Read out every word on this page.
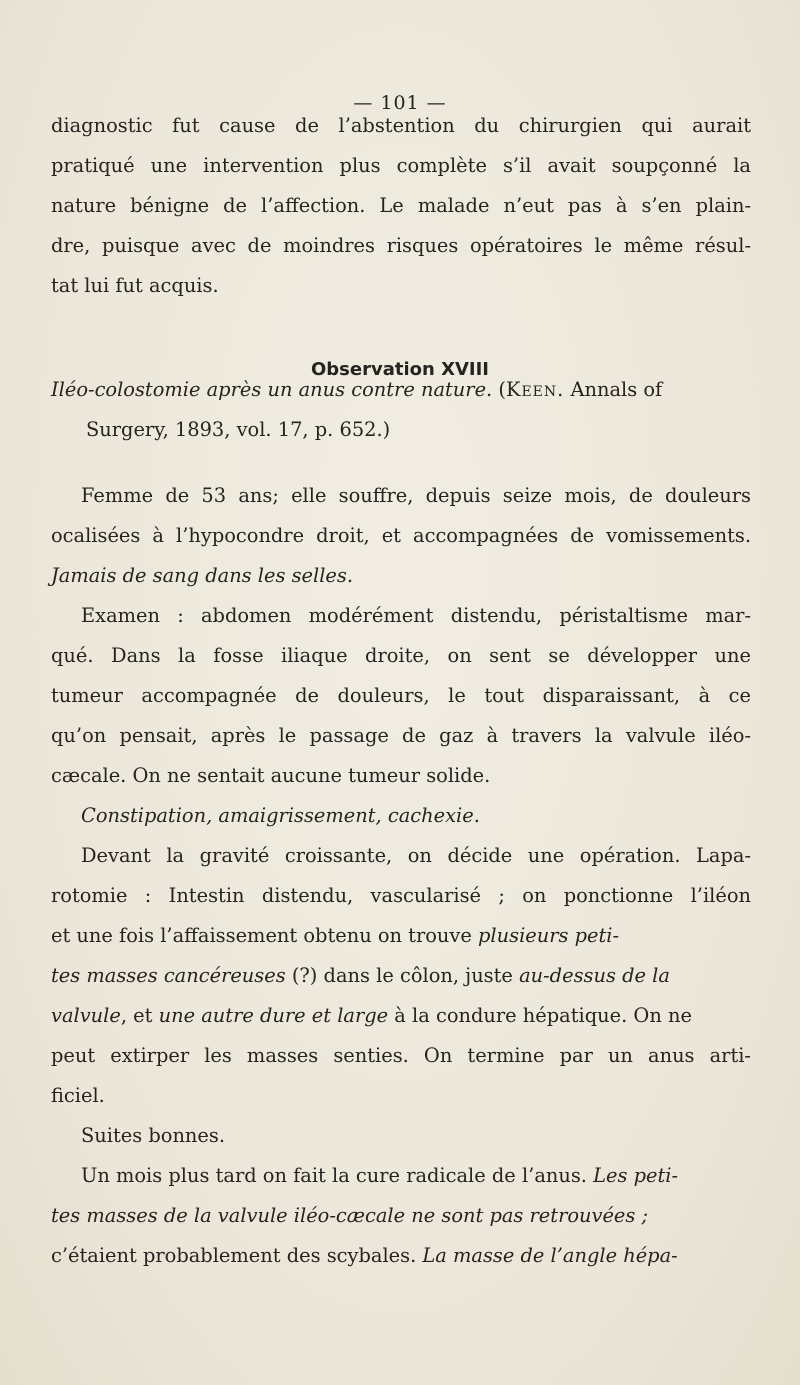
— 101 —
diagnostic fut cause de l’abstention du chirurgien qui aurait
pratiqué une intervention plus complète s’il avait soupçonné la
nature bénigne de l’affection. Le malade n’eut pas à s’en plain-
dre, puisque avec de moindres risques opératoires le même résul-
tat lui fut acquis.
Observation XVIII
Iléo-colostomie après un anus contre nature. (Keen. Annals of
Surgery, 1893, vol. 17, p. 652.)
Femme de 53 ans; elle souffre, depuis seize mois, de douleurs
ocalisées à l’hypocondre droit, et accompagnées de vomissements.
Jamais de sang dans les selles.
Examen : abdomen modérément distendu, péristaltisme mar-
qué. Dans la fosse iliaque droite, on sent se développer une
tumeur accompagnée de douleurs, le tout disparaissant, à ce
qu’on pensait, après le passage de gaz à travers la valvule iléo-
cæcale. On ne sentait aucune tumeur solide.
Constipation, amaigrissement, cachexie.
Devant la gravité croissante, on décide une opération. Lapa-
rotomie : Intestin distendu, vascularisé ; on ponctionne l’iléon
et une fois l’affaissement obtenu on trouve plusieurs peti-
tes masses cancéreuses (?) dans le côlon, juste au-dessus de la
valvule, et une autre dure et large à la condure hépatique. On ne
peut extirper les masses senties. On termine par un anus arti-
ficiel.
Suites bonnes.
Un mois plus tard on fait la cure radicale de l’anus. Les peti-
tes masses de la valvule iléo-cæcale ne sont pas retrouvées ;
c’étaient probablement des scybales. La masse de l’angle hépa-
